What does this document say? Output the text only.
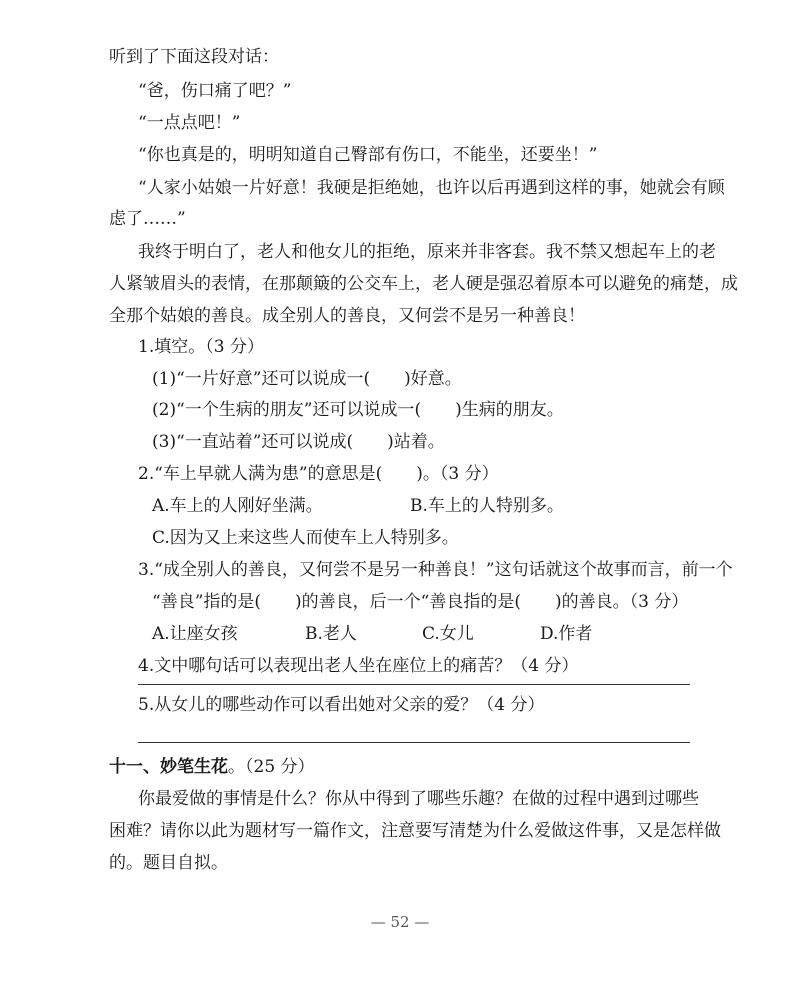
听到了下面这段对话：
“爸，伤口痛了吧？”
“一点点吧！”
“你也真是的，明明知道自己臀部有伤口，不能坐，还要坐！”
“人家小姑娘一片好意！我硬是拒绝她，也许以后再遇到这样的事，她就会有顾
虑了……”
我终于明白了，老人和他女儿的拒绝，原来并非客套。我不禁又想起车上的老
人紧皱眉头的表情，在那颠簸的公交车上，老人硬是强忍着原本可以避免的痛楚，成
全那个姑娘的善良。成全别人的善良，又何尝不是另一种善良！
1.填空。（3 分）
(1)“一片好意”还可以说成一(　　)好意。
(2)“一个生病的朋友”还可以说成一(　　)生病的朋友。
(3)“一直站着”还可以说成(　　)站着。
2.“车上早就人满为患”的意思是(　　)。（3 分）
A.车上的人刚好坐满。	B.车上的人特别多。
C.因为又上来这些人而使车上人特别多。
3.“成全别人的善良，又何尝不是另一种善良！”这句话就这个故事而言，前一个
“善良”指的是(　　)的善良，后一个“善良指的是(　　)的善良。（3 分）
A.让座女孩	B.老人	C.女儿	D.作者
4.文中哪句话可以表现出老人坐在座位上的痛苦？（4 分）
5.从女儿的哪些动作可以看出她对父亲的爱？（4 分）
十一、妙笔生花。（25 分）
你最爱做的事情是什么？你从中得到了哪些乐趣？在做的过程中遇到过哪些
困难？请你以此为题材写一篇作文，注意要写清楚为什么爱做这件事，又是怎样做
的。题目自拟。
— 52 —
